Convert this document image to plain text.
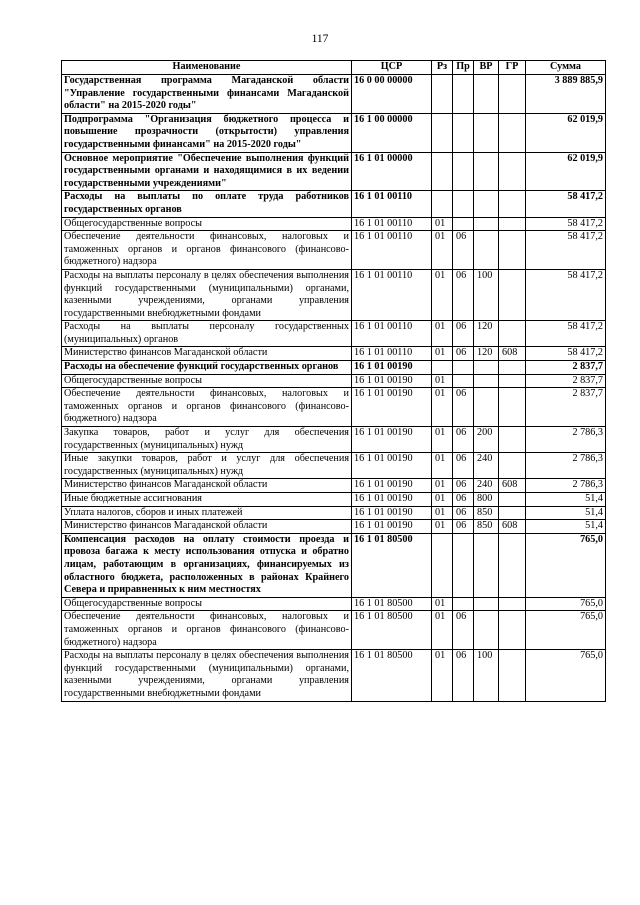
117
Наименование	ЦСР	Рз	Пр	ВР	ГР	Сумма
Государственная программа Магаданской области "Управление государственными финансами Магаданской области" на 2015-2020 годы"	16 0 00 00000					3 889 885,9
Подпрограмма "Организация бюджетного процесса и повышение прозрачности (открытости) управления государственными финансами" на 2015-2020 годы"	16 1 00 00000					62 019,9
Основное мероприятие "Обеспечение выполнения функций государственными органами и находящимися в их ведении государственными учреждениями"	16 1 01 00000					62 019,9
Расходы на выплаты по оплате труда работников государственных органов	16 1 01 00110					58 417,2
Общегосударственные вопросы	16 1 01 00110	01				58 417,2
Обеспечение деятельности финансовых, налоговых и таможенных органов и органов финансового (финансово-бюджетного) надзора	16 1 01 00110	01	06			58 417,2
Расходы на выплаты персоналу в целях обеспечения выполнения функций государственными (муниципальными) органами, казенными учреждениями, органами управления государственными внебюджетными фондами	16 1 01 00110	01	06	100		58 417,2
Расходы на выплаты персоналу государственных (муниципальных) органов	16 1 01 00110	01	06	120		58 417,2
Министерство финансов Магаданской области	16 1 01 00110	01	06	120	608	58 417,2
Расходы на обеспечение функций государственных органов	16 1 01 00190					2 837,7
Общегосударственные вопросы	16 1 01 00190	01				2 837,7
Обеспечение деятельности финансовых, налоговых и таможенных органов и органов финансового (финансово-бюджетного) надзора	16 1 01 00190	01	06			2 837,7
Закупка товаров, работ и услуг для обеспечения государственных (муниципальных) нужд	16 1 01 00190	01	06	200		2 786,3
Иные закупки товаров, работ и услуг для обеспечения государственных (муниципальных) нужд	16 1 01 00190	01	06	240		2 786,3
Министерство финансов Магаданской области	16 1 01 00190	01	06	240	608	2 786,3
Иные бюджетные ассигнования	16 1 01 00190	01	06	800		51,4
Уплата налогов, сборов и иных платежей	16 1 01 00190	01	06	850		51,4
Министерство финансов Магаданской области	16 1 01 00190	01	06	850	608	51,4
Компенсация расходов на оплату стоимости проезда и провоза багажа к месту использования отпуска и обратно лицам, работающим в организациях, финансируемых из областного бюджета, расположенных в районах Крайнего Севера и приравненных к ним местностях	16 1 01 80500					765,0
Общегосударственные вопросы	16 1 01 80500	01				765,0
Обеспечение деятельности финансовых, налоговых и таможенных органов и органов финансового (финансово-бюджетного) надзора	16 1 01 80500	01	06			765,0
Расходы на выплаты персоналу в целях обеспечения выполнения функций государственными (муниципальными) органами, казенными учреждениями, органами управления государственными внебюджетными фондами	16 1 01 80500	01	06	100		765,0
